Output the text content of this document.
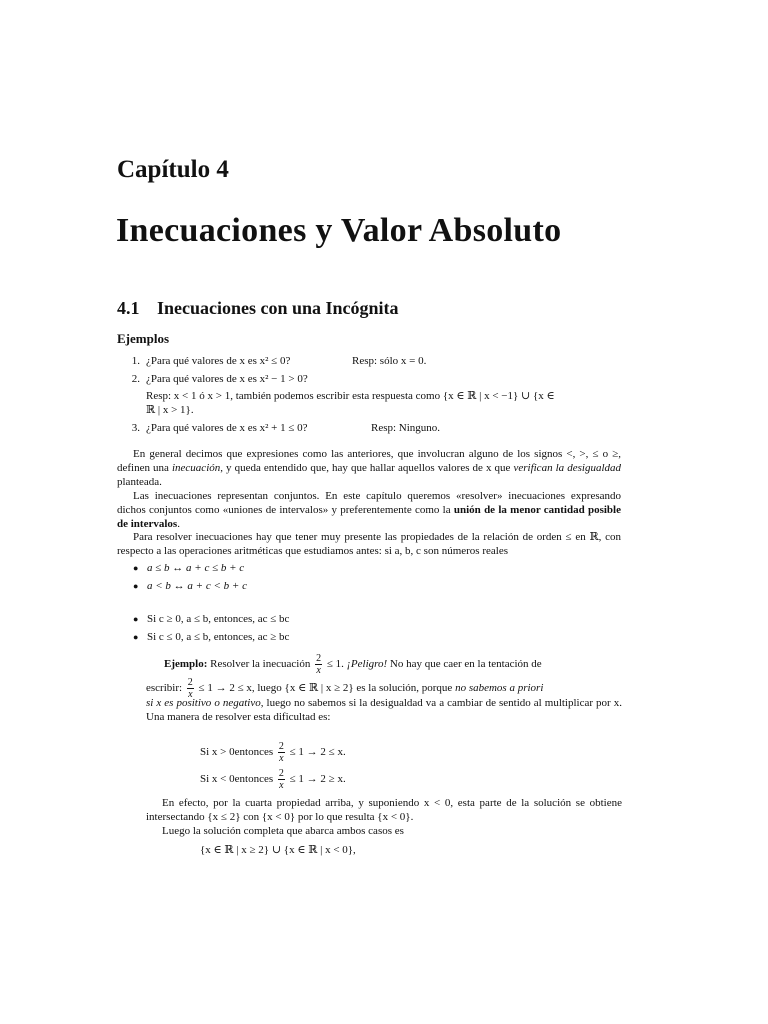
Capítulo 4
Inecuaciones y Valor Absoluto
4.1 Inecuaciones con una Incógnita
Ejemplos
1. ¿Para qué valores de x es x² ≤ 0?	Resp: sólo x = 0.
2. ¿Para qué valores de x es x² − 1 > 0?
Resp: x < 1 ó x > 1, también podemos escribir esta respuesta como {x ∈ ℝ | x < −1} ∪ {x ∈
ℝ | x > 1}.
3. ¿Para qué valores de x es x² + 1 ≤ 0?	Resp: Ninguno.
En general decimos que expresiones como las anteriores, que involucran alguno de los signos <, >, ≤ o ≥, definen una inecuación, y queda entendido que, hay que hallar aquellos valores de x que verifican la desigualdad planteada.
Las inecuaciones representan conjuntos. En este capítulo queremos «resolver» inecuaciones expresando dichos conjuntos como «uniones de intervalos» y preferentemente como la unión de la menor cantidad posible de intervalos.
Para resolver inecuaciones hay que tener muy presente las propiedades de la relación de orden ≤ en ℝ, con respecto a las operaciones aritméticas que estudiamos antes: si a, b, c son números reales
● a ≤ b ↔ a + c ≤ b + c
● a < b ↔ a + c < b + c
● Si c ≥ 0, a ≤ b, entonces, ac ≤ bc
● Si c ≤ 0, a ≤ b, entonces, ac ≥ bc
Ejemplo: Resolver la inecuación $\frac{2}{x} \le 1$. ¡Peligro! No hay que caer en la tentación de
escribir: $\frac{2}{x} \le 1 \to 2 \le x$, luego {x ∈ ℝ | x ≥ 2} es la solución, porque no sabemos a priori
si x es positivo o negativo, luego no sabemos si la desigualdad va a cambiar de sentido al multiplicar por x. Una manera de resolver esta dificultad es:
Si x > 0entonces $\frac{2}{x} \le 1 \to 2 \le x$.
Si x < 0entonces $\frac{2}{x} \le 1 \to 2 \ge x$.
En efecto, por la cuarta propiedad arriba, y suponiendo x < 0, esta parte de la solución se obtiene intersectando {x ≤ 2} con {x < 0} por lo que resulta {x < 0}.
Luego la solución completa que abarca ambos casos es
{x ∈ ℝ | x ≥ 2} ∪ {x ∈ ℝ | x < 0},
